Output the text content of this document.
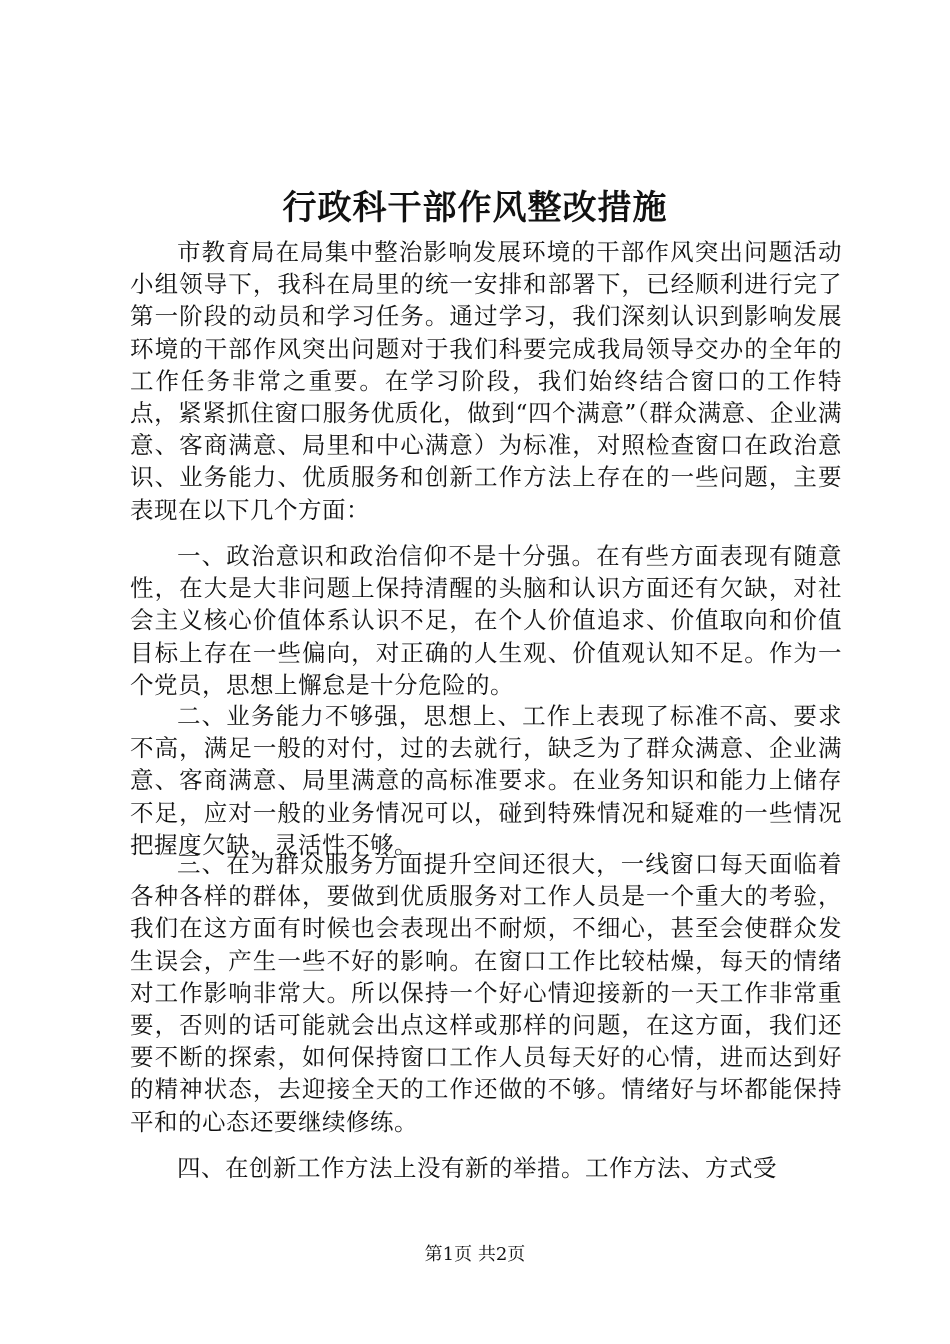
行政科干部作风整改措施

市教育局在局集中整治影响发展环境的干部作风突出问题活动小组领导下，我科在局里的统一安排和部署下，已经顺利进行完了第一阶段的动员和学习任务。通过学习，我们深刻认识到影响发展环境的干部作风突出问题对于我们科要完成我局领导交办的全年的工作任务非常之重要。在学习阶段，我们始终结合窗口的工作特点，紧紧抓住窗口服务优质化，做到“四个满意”（群众满意、企业满意、客商满意、局里和中心满意）为标准，对照检查窗口在政治意识、业务能力、优质服务和创新工作方法上存在的一些问题，主要表现在以下几个方面：

一、政治意识和政治信仰不是十分强。在有些方面表现有随意性，在大是大非问题上保持清醒的头脑和认识方面还有欠缺，对社会主义核心价值体系认识不足，在个人价值追求、价值取向和价值目标上存在一些偏向，对正确的人生观、价值观认知不足。作为一个党员，思想上懈怠是十分危险的。

二、业务能力不够强，思想上、工作上表现了标准不高、要求不高，满足一般的对付，过的去就行，缺乏为了群众满意、企业满意、客商满意、局里满意的高标准要求。在业务知识和能力上储存不足，应对一般的业务情况可以，碰到特殊情况和疑难的一些情况把握度欠缺，灵活性不够。

三、在为群众服务方面提升空间还很大，一线窗口每天面临着各种各样的群体，要做到优质服务对工作人员是一个重大的考验，我们在这方面有时候也会表现出不耐烦，不细心，甚至会使群众发生误会，产生一些不好的影响。在窗口工作比较枯燥，每天的情绪对工作影响非常大。所以保持一个好心情迎接新的一天工作非常重要，否则的话可能就会出点这样或那样的问题，在这方面，我们还要不断的探索，如何保持窗口工作人员每天好的心情，进而达到好的精神状态，去迎接全天的工作还做的不够。情绪好与坏都能保持平和的心态还要继续修练。

四、在创新工作方法上没有新的举措。工作方法、方式受

第1页 共2页
